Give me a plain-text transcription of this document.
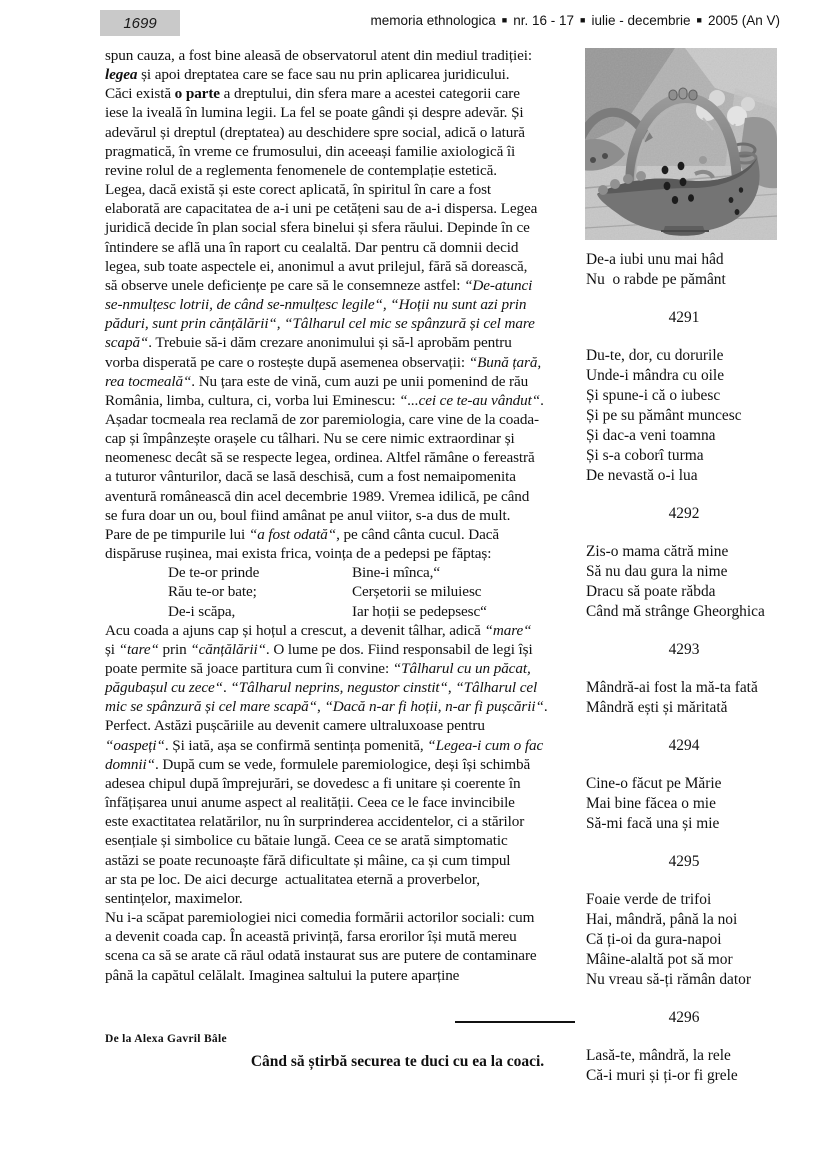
1699	memoria ethnologica ■ nr. 16 - 17 ■ iulie - decembrie ■ 2005 (An V)
spun cauza, a fost bine aleasă de observatorul atent din mediul tradiției:
legea și apoi dreptatea care se face sau nu prin aplicarea juridicului.
Căci există o parte a dreptului, din sfera mare a acestei categorii care
iese la iveală în lumina legii. La fel se poate gândi și despre adevăr. Și
adevărul și dreptul (dreptatea) au deschidere spre social, adică o latură
pragmatică, în vreme ce frumosului, din aceeași familie axiologică îi
revine rolul de a reglementa fenomenele de contemplație estetică.
Legea, dacă există și este corect aplicată, în spiritul în care a fost
elaborată are capacitatea de a-i uni pe cetățeni sau de a-i dispersa. Legea
juridică decide în plan social sfera binelui și sfera răului. Depinde în ce
întindere se află una în raport cu cealaltă. Dar pentru că domnii decid
legea, sub toate aspectele ei, anonimul a avut prilejul, fără să dorească,
să observe unele deficiențe pe care să le consemneze astfel: “De-atunci
se-nmulțesc lotrii, de când se-nmulțesc legile“, “Hoții nu sunt azi prin
păduri, sunt prin cănțălării“, “Tâlharul cel mic se spânzură și cel mare
scapă“. Trebuie să-i dăm crezare anonimului și să-l aprobăm pentru
vorba disperată pe care o rostește după asemenea observații: “Bună țară,
rea tocmeală“. Nu țara este de vină, cum auzi pe unii pomenind de rău
România, limba, cultura, ci, vorba lui Eminescu: “...cei ce te-au vândut“.
Așadar tocmeala rea reclamă de zor paremiologia, care vine de la coada-
cap și împânzește orașele cu tâlhari. Nu se cere nimic extraordinar și
neomenesc decât să se respecte legea, ordinea. Altfel rămâne o fereastră
a tuturor vânturilor, dacă se lasă deschisă, cum a fost nemaipomenita
aventură românească din acel decembrie 1989. Vremea idilică, pe când
se fura doar un ou, boul fiind amânat pe anul viitor, s-a dus de mult.
Pare de pe timpurile lui “a fost odată“, pe când cânta cucul. Dacă
dispăruse rușinea, mai exista frica, voința de a pedepsi pe făptaș:
De te-or prinde	Bine-i mînca,“
Rău te-or bate;	Cerșetorii se miluiesc
De-i scăpa,	Iar hoții se pedepsesc“
Acu coada a ajuns cap și hoțul a crescut, a devenit tâlhar, adică “mare“
și “tare“ prin “cănțălării“. O lume pe dos. Fiind responsabil de legi își
poate permite să joace partitura cum îi convine: “Tâlharul cu un păcat,
păgubașul cu zece“. “Tâlharul neprins, negustor cinstit“, “Tâlharul cel
mic se spânzură și cel mare scapă“, “Dacă n-ar fi hoții, n-ar fi pușcării“.
Perfect. Astăzi pușcăriile au devenit camere ultraluxoase pentru
“oaspeți“. Și iată, așa se confirmă sentința pomenită, “Legea-i cum o fac
domnii“. După cum se vede, formulele paremiologice, deși își schimbă
adesea chipul după împrejurări, se dovedesc a fi unitare și coerente în
înfățișarea unui anume aspect al realității. Ceea ce le face invincibile
este exactitatea relatărilor, nu în surprinderea accidentelor, ci a stărilor
esențiale și simbolice cu bătaie lungă. Ceea ce se arată simptomatic
astăzi se poate recunoaște fără dificultate și mâine, ca și cum timpul
ar sta pe loc. De aici decurge  actualitatea eternă a proverbelor,
sentințelor, maximelor.
Nu i-a scăpat paremiologiei nici comedia formării actorilor sociali: cum
a devenit coada cap. În această privință, farsa erorilor își mută mereu
scena ca să se arate că răul odată instaurat sus are putere de contaminare
până la capătul celălalt. Imaginea saltului la putere aparține
De-a iubi unu mai hâd
Nu  o rabde pe pământ
4291
Du-te, dor, cu dorurile
Unde-i mândra cu oile
Și spune-i că o iubesc
Și pe su pământ muncesc
Și dac-a veni toamna
Și s-a coborî turma
De nevastă o-i lua
4292
Zis-o mama cătră mine
Să nu dau gura la nime
Dracu să poate răbda
Când mă strânge Gheorghica
4293
Mândră-ai fost la mă-ta fată
Mândră ești și măritată
4294
Cine-o făcut pe Mărie
Mai bine făcea o mie
Să-mi facă una și mie
4295
Foaie verde de trifoi
Hai, mândră, până la noi
Că ți-oi da gura-napoi
Mâine-alaltă pot să mor
Nu vreau să-ți rămân dator
4296
Lasă-te, mândră, la rele
Că-i muri și ți-or fi grele
De la Alexa Gavril Bâle
Când să știrbă securea te duci cu ea la coaci.
